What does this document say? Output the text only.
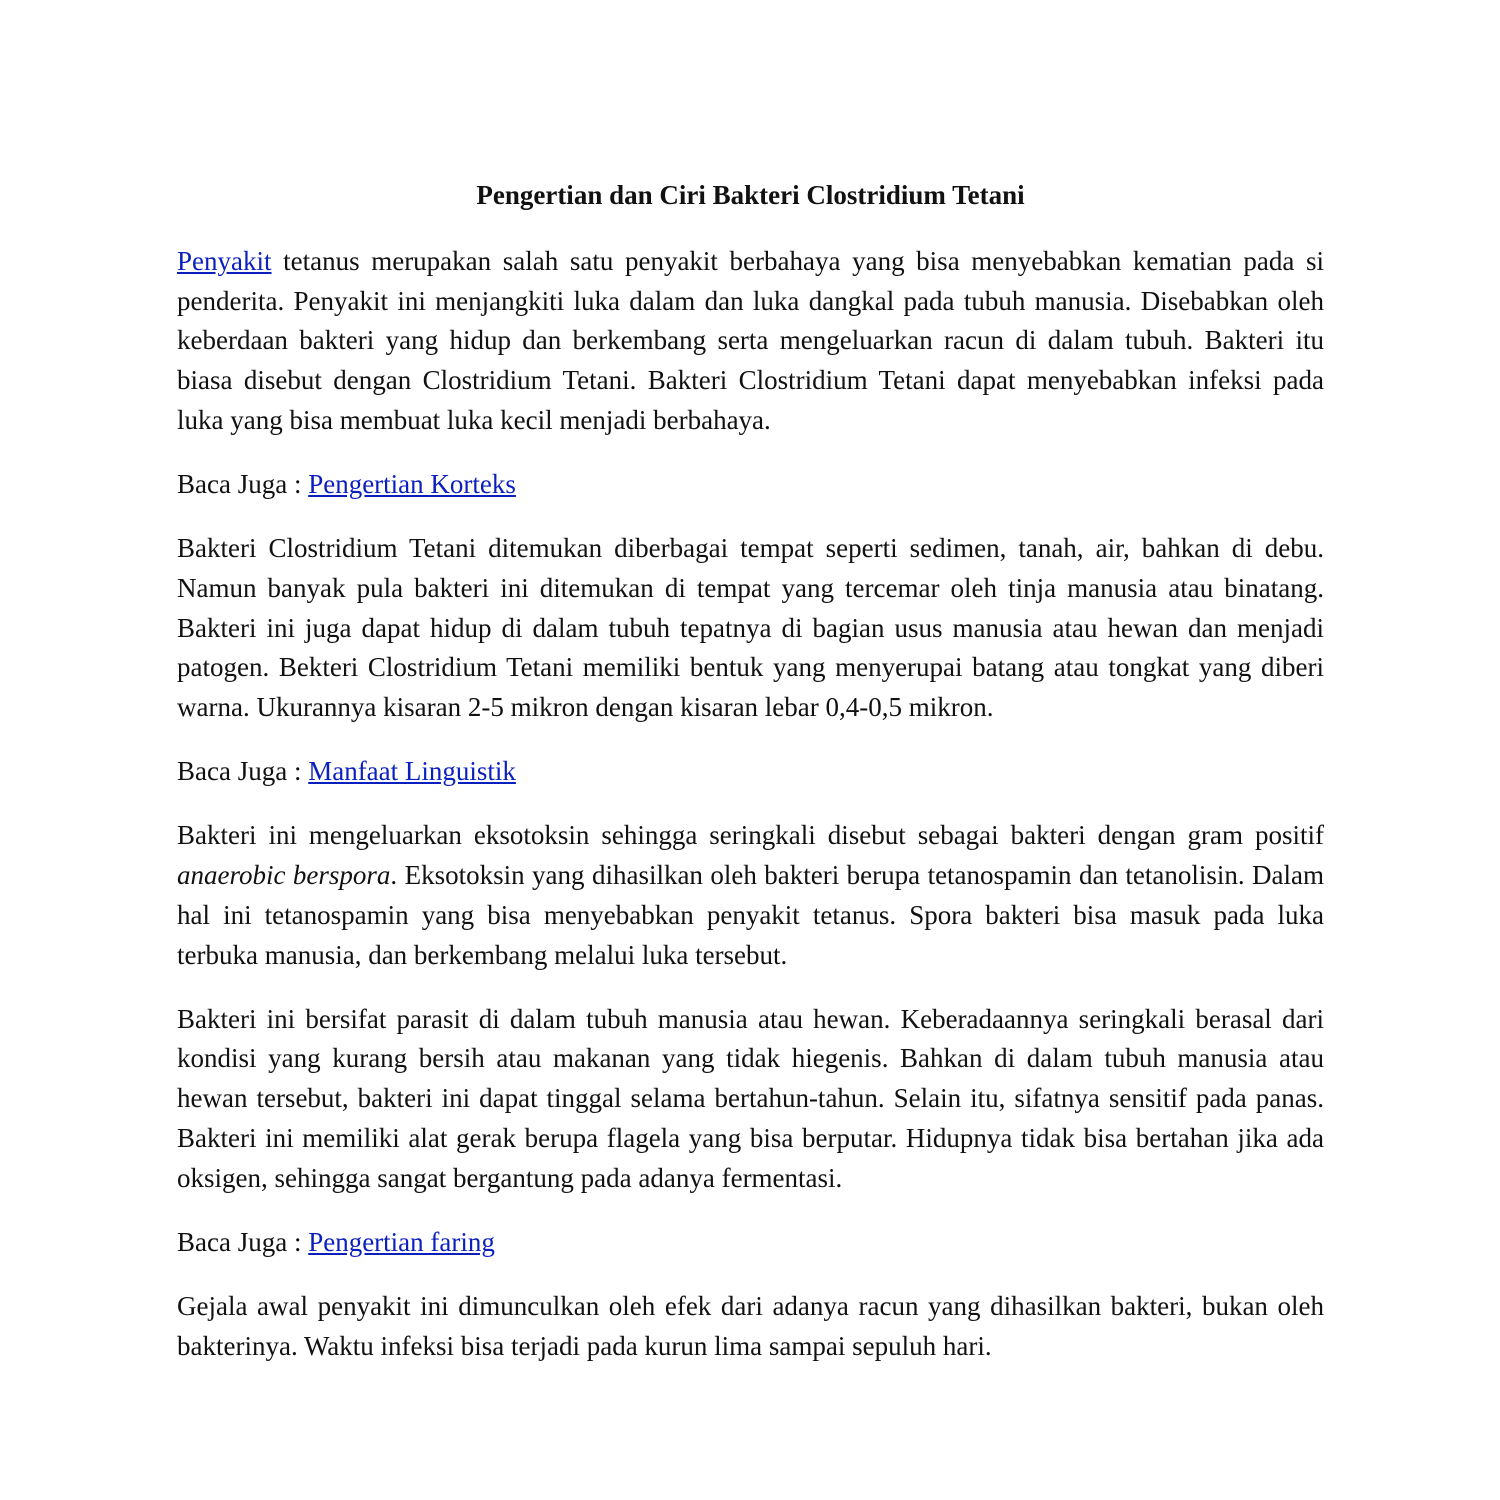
Pengertian dan Ciri Bakteri Clostridium Tetani

Penyakit tetanus merupakan salah satu penyakit berbahaya yang bisa menyebabkan kematian pada si penderita. Penyakit ini menjangkiti luka dalam dan luka dangkal pada tubuh manusia. Disebabkan oleh keberdaan bakteri yang hidup dan berkembang serta mengeluarkan racun di dalam tubuh. Bakteri itu biasa disebut dengan Clostridium Tetani. Bakteri Clostridium Tetani dapat menyebabkan infeksi pada luka yang bisa membuat luka kecil menjadi berbahaya.

Baca Juga : Pengertian Korteks

Bakteri Clostridium Tetani ditemukan diberbagai tempat seperti sedimen, tanah, air, bahkan di debu. Namun banyak pula bakteri ini ditemukan di tempat yang tercemar oleh tinja manusia atau binatang. Bakteri ini juga dapat hidup di dalam tubuh tepatnya di bagian usus manusia atau hewan dan menjadi patogen. Bekteri Clostridium Tetani memiliki bentuk yang menyerupai batang atau tongkat yang diberi warna. Ukurannya kisaran 2-5 mikron dengan kisaran lebar 0,4-0,5 mikron.

Baca Juga : Manfaat Linguistik

Bakteri ini mengeluarkan eksotoksin sehingga seringkali disebut sebagai bakteri dengan gram positif anaerobic berspora. Eksotoksin yang dihasilkan oleh bakteri berupa tetanospamin dan tetanolisin. Dalam hal ini tetanospamin yang bisa menyebabkan penyakit tetanus. Spora bakteri bisa masuk pada luka terbuka manusia, dan berkembang melalui luka tersebut.

Bakteri ini bersifat parasit di dalam tubuh manusia atau hewan. Keberadaannya seringkali berasal dari kondisi yang kurang bersih atau makanan yang tidak hiegenis. Bahkan di dalam tubuh manusia atau hewan tersebut, bakteri ini dapat tinggal selama bertahun-tahun. Selain itu, sifatnya sensitif pada panas. Bakteri ini memiliki alat gerak berupa flagela yang bisa berputar. Hidupnya tidak bisa bertahan jika ada oksigen, sehingga sangat bergantung pada adanya fermentasi.

Baca Juga : Pengertian faring

Gejala awal penyakit ini dimunculkan oleh efek dari adanya racun yang dihasilkan bakteri, bukan oleh bakterinya. Waktu infeksi bisa terjadi pada kurun lima sampai sepuluh hari.
